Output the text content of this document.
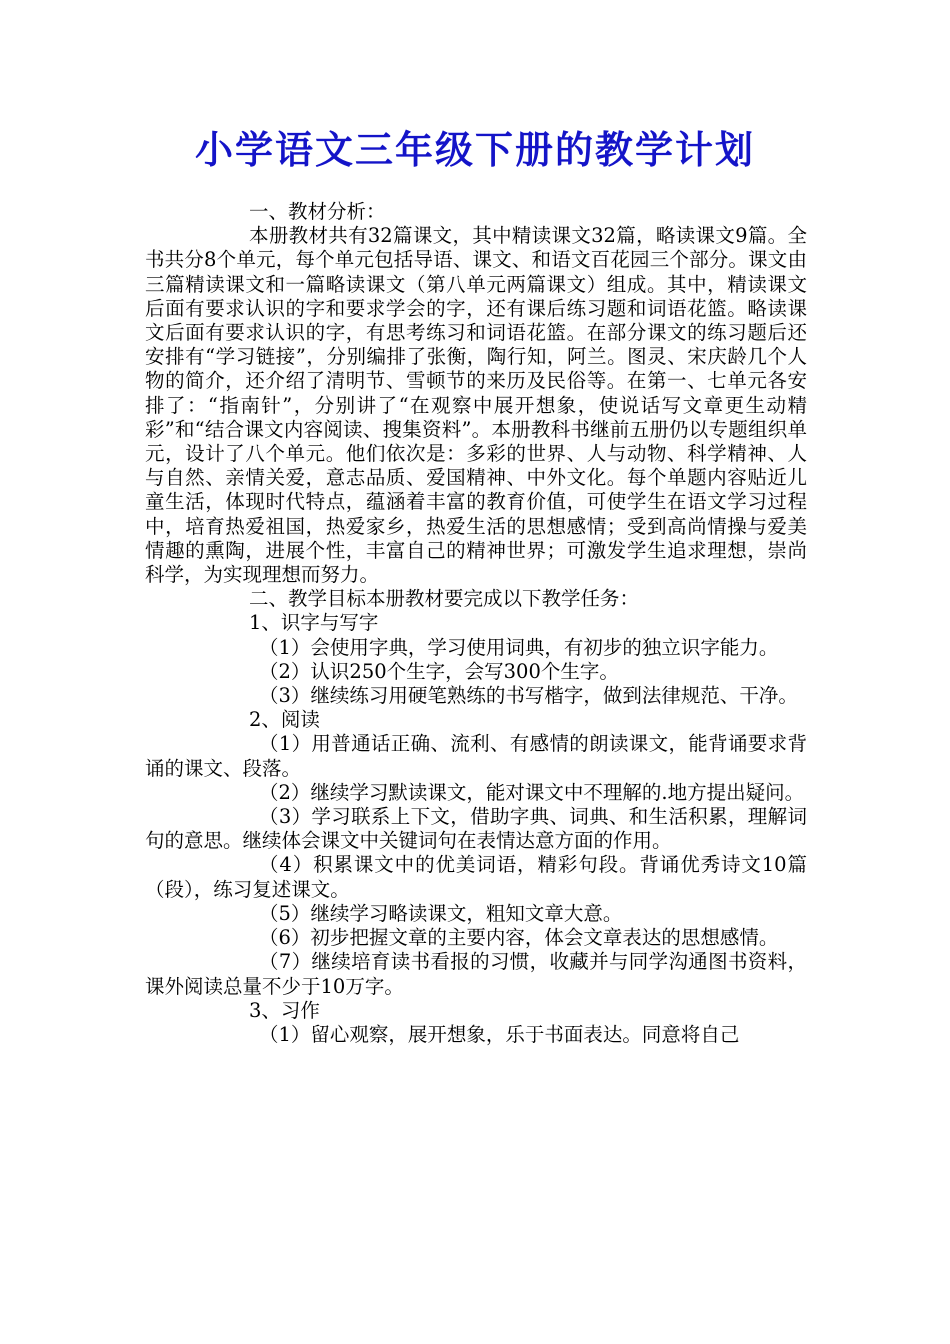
小学语文三年级下册的教学计划

一、教材分析：

本册教材共有32篇课文，其中精读课文32篇，略读课文9篇。全书共分8个单元，每个单元包括导语、课文、和语文百花园三个部分。课文由三篇精读课文和一篇略读课文（第八单元两篇课文）组成。其中，精读课文后面有要求认识的字和要求学会的字，还有课后练习题和词语花篮。略读课文后面有要求认识的字，有思考练习和词语花篮。在部分课文的练习题后还安排有“学习链接”，分别编排了张衡，陶行知，阿兰。图灵、宋庆龄几个人物的简介，还介绍了清明节、雪顿节的来历及民俗等。在第一、七单元各安排了：“指南针”，分别讲了“在观察中展开想象，使说话写文章更生动精彩”和“结合课文内容阅读、搜集资料”。本册教科书继前五册仍以专题组织单元，设计了八个单元。他们依次是：多彩的世界、人与动物、科学精神、人与自然、亲情关爱，意志品质、爱国精神、中外文化。每个单题内容贴近儿童生活，体现时代特点，蕴涵着丰富的教育价值，可使学生在语文学习过程中，培育热爱祖国，热爱家乡，热爱生活的思想感情；受到高尚情操与爱美情趣的熏陶，进展个性，丰富自己的精神世界；可激发学生追求理想，崇尚科学，为实现理想而努力。

二、教学目标本册教材要完成以下教学任务：

1、识字与写字

（1）会使用字典，学习使用词典，有初步的独立识字能力。

（2）认识250个生字，会写300个生字。

（3）继续练习用硬笔熟练的书写楷字，做到法律规范、干净。

2、阅读

（1）用普通话正确、流利、有感情的朗读课文，能背诵要求背诵的课文、段落。

（2）继续学习默读课文，能对课文中不理解的.地方提出疑问。

（3）学习联系上下文，借助字典、词典、和生活积累，理解词句的意思。继续体会课文中关键词句在表情达意方面的作用。

（4）积累课文中的优美词语，精彩句段。背诵优秀诗文10篇（段），练习复述课文。

（5）继续学习略读课文，粗知文章大意。

（6）初步把握文章的主要内容，体会文章表达的思想感情。

（7）继续培育读书看报的习惯，收藏并与同学沟通图书资料，课外阅读总量不少于10万字。

3、习作

（1）留心观察，展开想象，乐于书面表达。同意将自己
